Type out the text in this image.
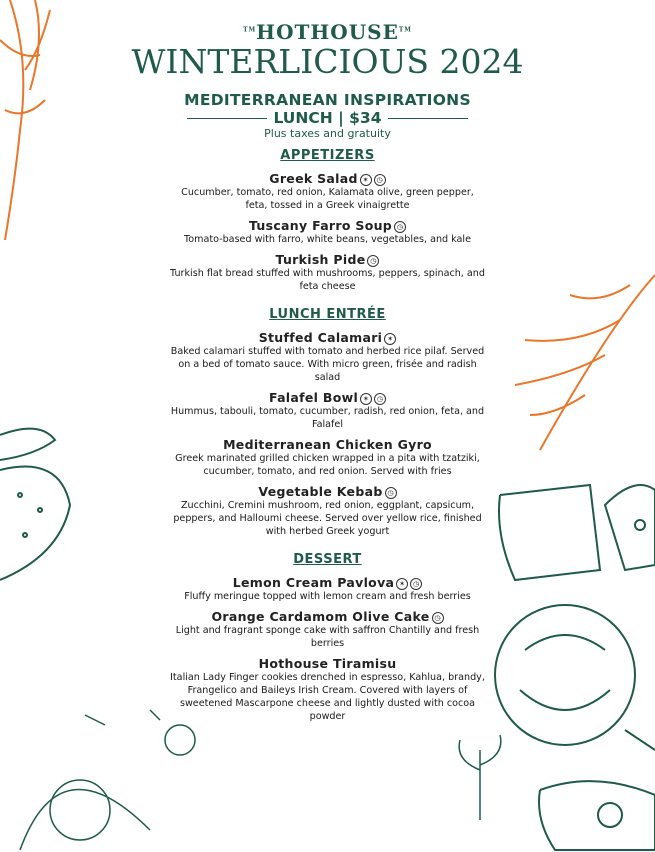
™HOTHOUSE™
WINTERLICIOUS 2024
MEDITERRANEAN INSPIRATIONS
LUNCH | $34
Plus taxes and gratuity
APPETIZERS
Greek Salad ✶ ◷
Cucumber, tomato, red onion, Kalamata olive, green pepper, feta, tossed in a Greek vinaigrette
Tuscany Farro Soup ◷
Tomato-based with farro, white beans, vegetables, and kale
Turkish Pide ◷
Turkish flat bread stuffed with mushrooms, peppers, spinach, and feta cheese
LUNCH ENTRÉE
Stuffed Calamari ✶
Baked calamari stuffed with tomato and herbed rice pilaf. Served on a bed of tomato sauce. With micro green, frisée and radish salad
Falafel Bowl ✶ ◷
Hummus, tabouli, tomato, cucumber, radish, red onion, feta, and Falafel
Mediterranean Chicken Gyro
Greek marinated grilled chicken wrapped in a pita with tzatziki, cucumber, tomato, and red onion. Served with fries
Vegetable Kebab ◷
Zucchini, Cremini mushroom, red onion, eggplant, capsicum, peppers, and Halloumi cheese. Served over yellow rice, finished with herbed Greek yogurt
DESSERT
Lemon Cream Pavlova ✶ ◷
Fluffy meringue topped with lemon cream and fresh berries
Orange Cardamom Olive Cake ◷
Light and fragrant sponge cake with saffron Chantilly and fresh berries
Hothouse Tiramisu
Italian Lady Finger cookies drenched in espresso, Kahlua, brandy, Frangelico and Baileys Irish Cream. Covered with layers of sweetened Mascarpone cheese and lightly dusted with cocoa powder
